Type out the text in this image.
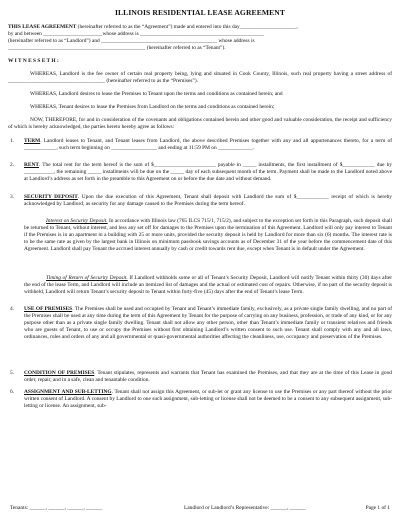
ILLINOIS RESIDENTIAL LEASE AGREEMENT
THIS LEASE AGREEMENT (hereinafter referred to as the “Agreement”) made and entered into this day_____________________,
by and between ______________________whose address is ______________________________________________
(hereinafter referred to as “Landlord”) and ___________________________________________ whose address is
___________________________________________________ (hereinafter referred to as “Tenant”).
W I T N E S S E T H :
WHEREAS, Landlord is the fee owner of certain real property being, lying and situated in Cook County, Illinois, such real property having a street address of ____________________________________ (hereinafter referred to as the “Premises”).
WHEREAS, Landlord desires to lease the Premises to Tenant upon the terms and conditions as contained herein; and
WHEREAS, Tenant desires to lease the Premises from Landlord on the terms and conditions as contained herein;
NOW, THEREFORE, for and in consideration of the covenants and obligations contained herein and other good and valuable consideration, the receipt and sufficiency of which is hereby acknowledged, the parties hereto hereby agree as follows:
1. TERM. Landlord leases to Tenant, and Tenant leases from Landlord, the above described Premises together with any and all appurtenances thereto, for a term of ____________, such term beginning on _________________ and ending at 11:59 PM on _____________.
2. RENT. The total rent for the term hereof is the sum of $_______________________ payable in _____ installments, the first installment of $____________ due by ___________, the remaining _____ installments will be due on the _____ day of each subsequent month of the term. Payment shall be made to the Landlord noted above at Landlord’s address as set forth in the preamble to this Agreement on or before the due date and without demand.
3. SECURITY DEPOSIT. Upon the due execution of this Agreement, Tenant shall deposit with Landlord the sum of $____________ receipt of which is hereby acknowledged by Landlord, as security for any damage caused to the Premises during the term hereof.
Interest on Security Deposit. In accordance with Illinois law (765 ILCS 715/1, 715/2), and subject to the exception set forth in this Paragraph, such deposit shall be returned to Tenant, without interest, and less any set off for damages to the Premises upon the termination of this Agreement. Landlord will only pay interest to Tenant if the Premises is in an apartment in a building with 25 or more units, provided the security deposit is held by Landlord for more than six (6) months. The interest rate is to be the same rate as given by the largest bank in Illinois on minimum passbook savings accounts as of December 31 of the year before the commencement date of this Agreement. Landlord shall pay Tenant the accrued interest annually by cash or credit towards rent due, except when Tenant is in default under the Agreement.
Timing of Return of Security Deposit. If Landlord withholds some or all of Tenant’s Security Deposit, Landlord will notify Tenant within thirty (30) days after the end of the lease Term, and Landlord will include an itemized list of damages and the actual or estimated cost of repairs. Otherwise, if no part of the security deposit is withheld, Landlord will return Tenant’s security deposit to Tenant within forty-five (45) days after the end of Tenant’s lease Term.
4. USE OF PREMISES. The Premises shall be used and occupied by Tenant and Tenant’s immediate family, exclusively, as a private single family dwelling, and no part of the Premises shall be used at any time during the term of this Agreement by Tenant for the purpose of carrying on any business, profession, or trade of any kind, or for any purpose other than as a private single family dwelling. Tenant shall not allow any other person, other than Tenant’s immediate family or transient relatives and friends who are guests of Tenant, to use or occupy the Premises without first obtaining Landlord’s written consent to such use. Tenant shall comply with any and all laws, ordinances, rules and orders of any and all governmental or quasi-governmental authorities affecting the cleanliness, use, occupancy and preservation of the Premises.
5. CONDITION OF PREMISES. Tenant stipulates, represents and warrants that Tenant has examined the Premises, and that they are at the time of this Lease in good order, repair, and in a safe, clean and tenantable condition.
6. ASSIGNMENT AND SUB-LETTING. Tenant shall not assign this Agreement, or sub-let or grant any license to use the Premises or any part thereof without the prior written consent of Landlord. A consent by Landlord to one such assignment, sub-letting or license shall not be deemed to be a consent to any subsequent assignment, sub-letting or license. An assignment, sub-
Tenants: ______, ______, ______, ______	Landlord or Landlord’s Representative: ______, ______	Page 1 of 1
